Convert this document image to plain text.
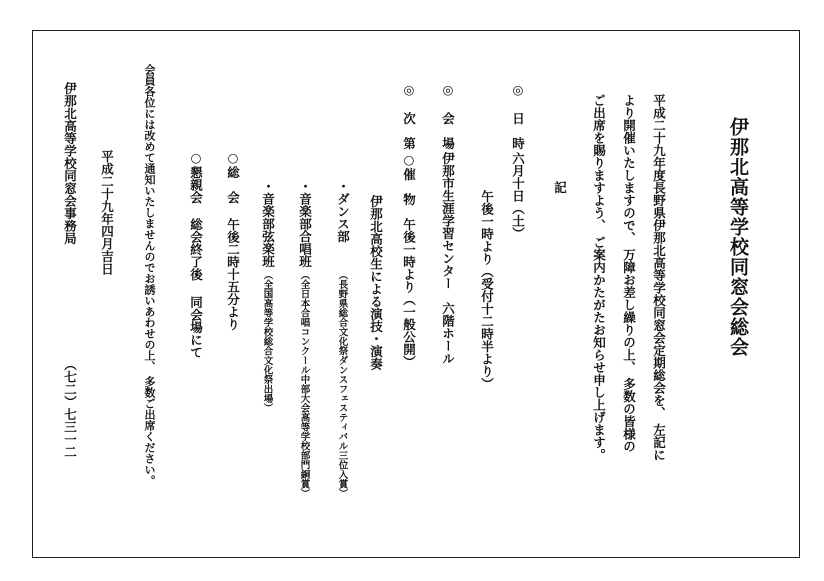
伊那北高等学校同窓会総会
平成二十九年度長野県伊那北高等学校同窓会定期総会を、 左記に
より開催いたしますので、 万障お差し繰りの上、 多数の皆様の
ご出席を賜りますよう、 ご案内かたがたお知らせ申し上げます。
記
◎
日　時
六月十日（土）
午後一時より（受付十二時半より）
◎
会　場
伊那市生涯学習センター　六階ホール
◎
次　第
○
催　物
午後一時より（一般公開）
伊那北高校生による演技・演奏
・ダンス部
（長野県総合文化祭ダンスフェスティバル三位入賞）
・音楽部合唱班
（全日本合唱コンクール中部大会高等学校部門銅賞）
・音楽部弦楽班
（全国高等学校総合文化祭出場）
○
総　会
午後二時十五分より
○
懇親会
総会終了後
同会場にて
会員各位には改めて通知いたしませんのでお誘いあわせの上、 多数ご出席ください。
平成二十九年四月吉日
伊那北高等学校同窓会事務局
（七二）七三一二
